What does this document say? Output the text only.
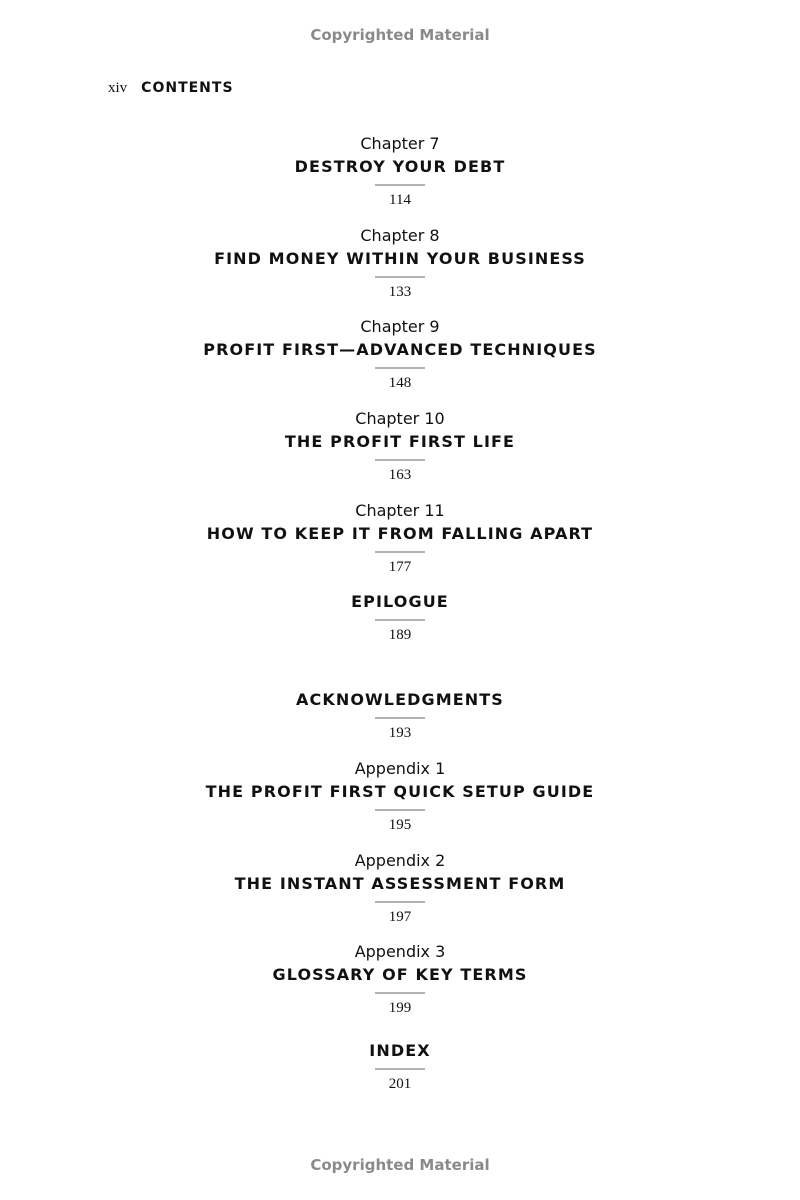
Copyrighted Material
xiv CONTENTS
Chapter 7
DESTROY YOUR DEBT
114
Chapter 8
FIND MONEY WITHIN YOUR BUSINESS
133
Chapter 9
PROFIT FIRST—ADVANCED TECHNIQUES
148
Chapter 10
THE PROFIT FIRST LIFE
163
Chapter 11
HOW TO KEEP IT FROM FALLING APART
177
EPILOGUE
189
ACKNOWLEDGMENTS
193
Appendix 1
THE PROFIT FIRST QUICK SETUP GUIDE
195
Appendix 2
THE INSTANT ASSESSMENT FORM
197
Appendix 3
GLOSSARY OF KEY TERMS
199
INDEX
201
Copyrighted Material
